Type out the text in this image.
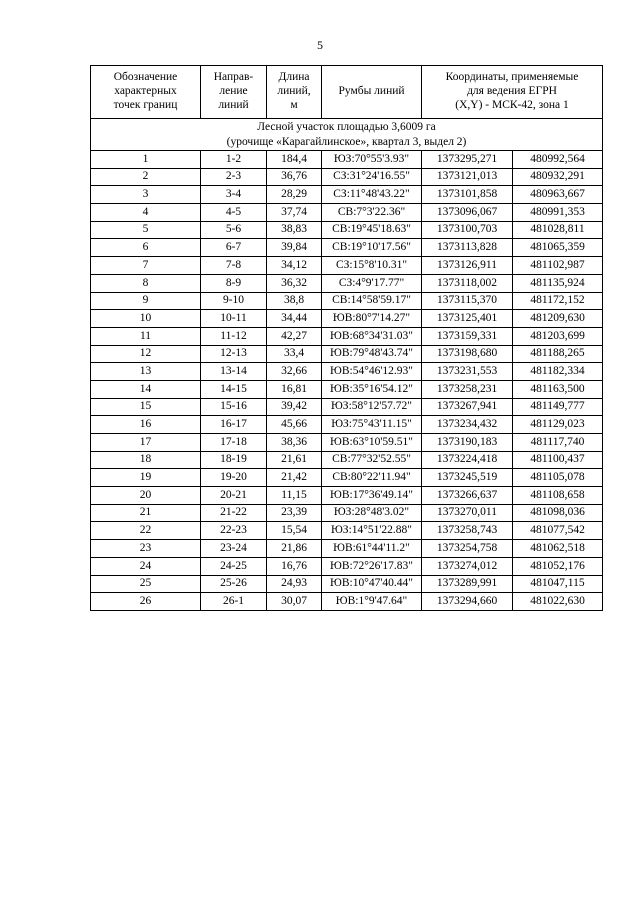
5
Обозначение
характерных
точек границ	Направ-
ление
линий	Длина
линий,
м	Румбы линий	Координаты, применяемые
для ведения ЕГРН
(X,Y) - МСК-42, зона 1	
Лесной участок площадью 3,6009 га
(урочище «Карагайлинское», квартал 3, выдел 2)					
1	1-2	184,4	ЮЗ:70°55'3.93"	1373295,271	480992,564
2	2-3	36,76	СЗ:31°24'16.55"	1373121,013	480932,291
3	3-4	28,29	СЗ:11°48'43.22"	1373101,858	480963,667
4	4-5	37,74	СВ:7°3'22.36"	1373096,067	480991,353
5	5-6	38,83	СВ:19°45'18.63"	1373100,703	481028,811
6	6-7	39,84	СВ:19°10'17.56"	1373113,828	481065,359
7	7-8	34,12	СЗ:15°8'10.31"	1373126,911	481102,987
8	8-9	36,32	СЗ:4°9'17.77"	1373118,002	481135,924
9	9-10	38,8	СВ:14°58'59.17"	1373115,370	481172,152
10	10-11	34,44	ЮВ:80°7'14.27"	1373125,401	481209,630
11	11-12	42,27	ЮВ:68°34'31.03"	1373159,331	481203,699
12	12-13	33,4	ЮВ:79°48'43.74"	1373198,680	481188,265
13	13-14	32,66	ЮВ:54°46'12.93"	1373231,553	481182,334
14	14-15	16,81	ЮВ:35°16'54.12"	1373258,231	481163,500
15	15-16	39,42	ЮЗ:58°12'57.72"	1373267,941	481149,777
16	16-17	45,66	ЮЗ:75°43'11.15"	1373234,432	481129,023
17	17-18	38,36	ЮВ:63°10'59.51"	1373190,183	481117,740
18	18-19	21,61	СВ:77°32'52.55"	1373224,418	481100,437
19	19-20	21,42	СВ:80°22'11.94"	1373245,519	481105,078
20	20-21	11,15	ЮВ:17°36'49.14"	1373266,637	481108,658
21	21-22	23,39	ЮЗ:28°48'3.02"	1373270,011	481098,036
22	22-23	15,54	ЮЗ:14°51'22.88"	1373258,743	481077,542
23	23-24	21,86	ЮВ:61°44'11.2"	1373254,758	481062,518
24	24-25	16,76	ЮВ:72°26'17.83"	1373274,012	481052,176
25	25-26	24,93	ЮВ:10°47'40.44"	1373289,991	481047,115
26	26-1	30,07	ЮВ:1°9'47.64"	1373294,660	481022,630
